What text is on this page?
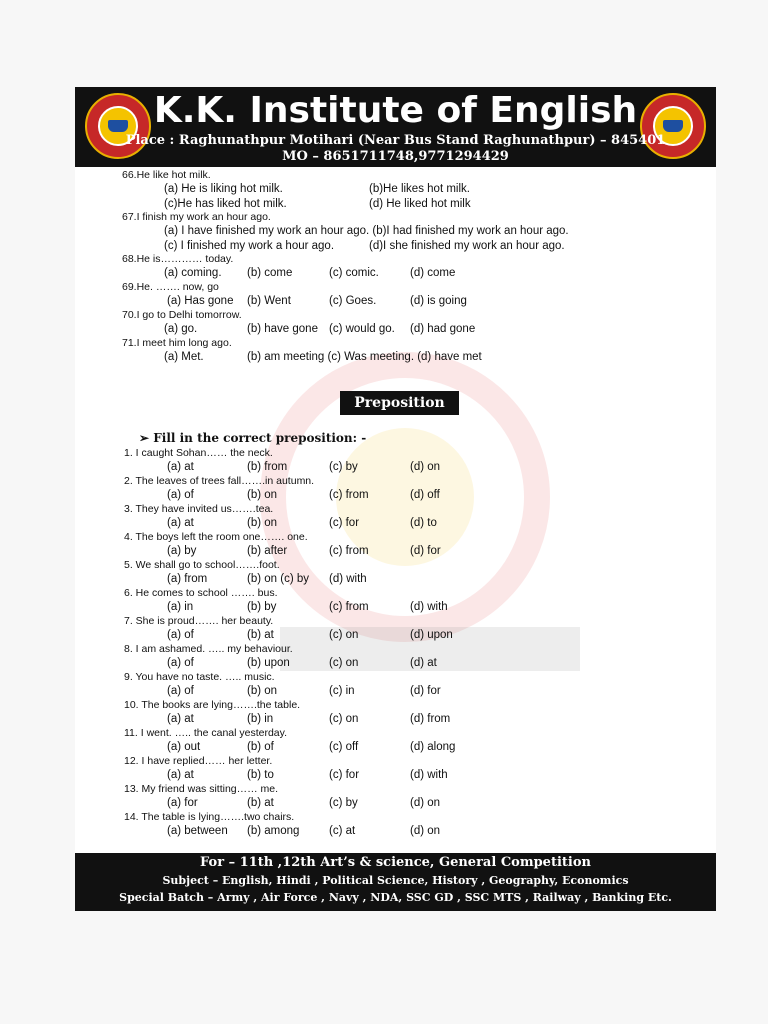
K.K. Institute of English
Place : Raghunathpur Motihari (Near Bus Stand Raghunathpur) – 845401
MO – 8651711748,9771294429
66.He like hot milk.
(a) He is liking hot milk.	(b)He likes hot milk.
(c)He has liked hot milk.	(d) He liked hot milk
67.I finish my work an hour ago.
(a) I have finished my work an hour ago. (b)I had finished my work an hour ago.
(c) I finished my work a hour ago.	(d)I she finished my work an hour ago.
68.He is………… today.
(a) coming. (b) come	(c) comic.	(d) come
69.He. ……. now, go
(a) Has gone (b) Went	(c) Goes.	(d) is going
70.I go to Delhi tomorrow.
(a) go.	(b) have gone (c) would go. (d) had gone
71.I meet him long ago.
(a) Met.	(b) am meeting (c) Was meeting. (d) have met
Preposition
➢ Fill in the correct preposition: -
1. I caught Sohan…… the neck.
(a) at	(b) from	(c) by	(d) on
2. The leaves of trees fall…….in autumn.
(a) of	(b) on	(c) from	(d) off
3. They have invited us…….tea.
(a) at	(b) on	(c) for	(d) to
4. The boys left the room one……. one.
(a) by	(b) after	(c) from	(d) for
5. We shall go to school…….foot.
(a) from	(b) on (c) by (d) with
6. He comes to school ……. bus.
(a) in	(b) by	(c) from	(d) with
7. She is proud……. her beauty.
(a) of	(b) at	(c) on	(d) upon
8. I am ashamed. ….. my behaviour.
(a) of	(b) upon	(c) on	(d) at
9. You have no taste. ….. music.
(a) of	(b) on	(c) in	(d) for
10. The books are lying…….the table.
(a) at	(b) in	(c) on	(d) from
11. I went. ….. the canal yesterday.
(a) out	(b) of	(c) off	(d) along
12. I have replied…… her letter.
(a) at	(b) to	(c) for	(d) with
13. My friend was sitting…… me.
(a) for	(b) at	(c) by	(d) on
14. The table is lying…….two chairs.
(a) between (b) among	(c) at	(d) on
For – 11th ,12th Art’s & science, General Competition
Subject – English, Hindi , Political Science, History , Geography, Economics
Special Batch – Army , Air Force , Navy , NDA, SSC GD , SSC MTS , Railway , Banking Etc.
